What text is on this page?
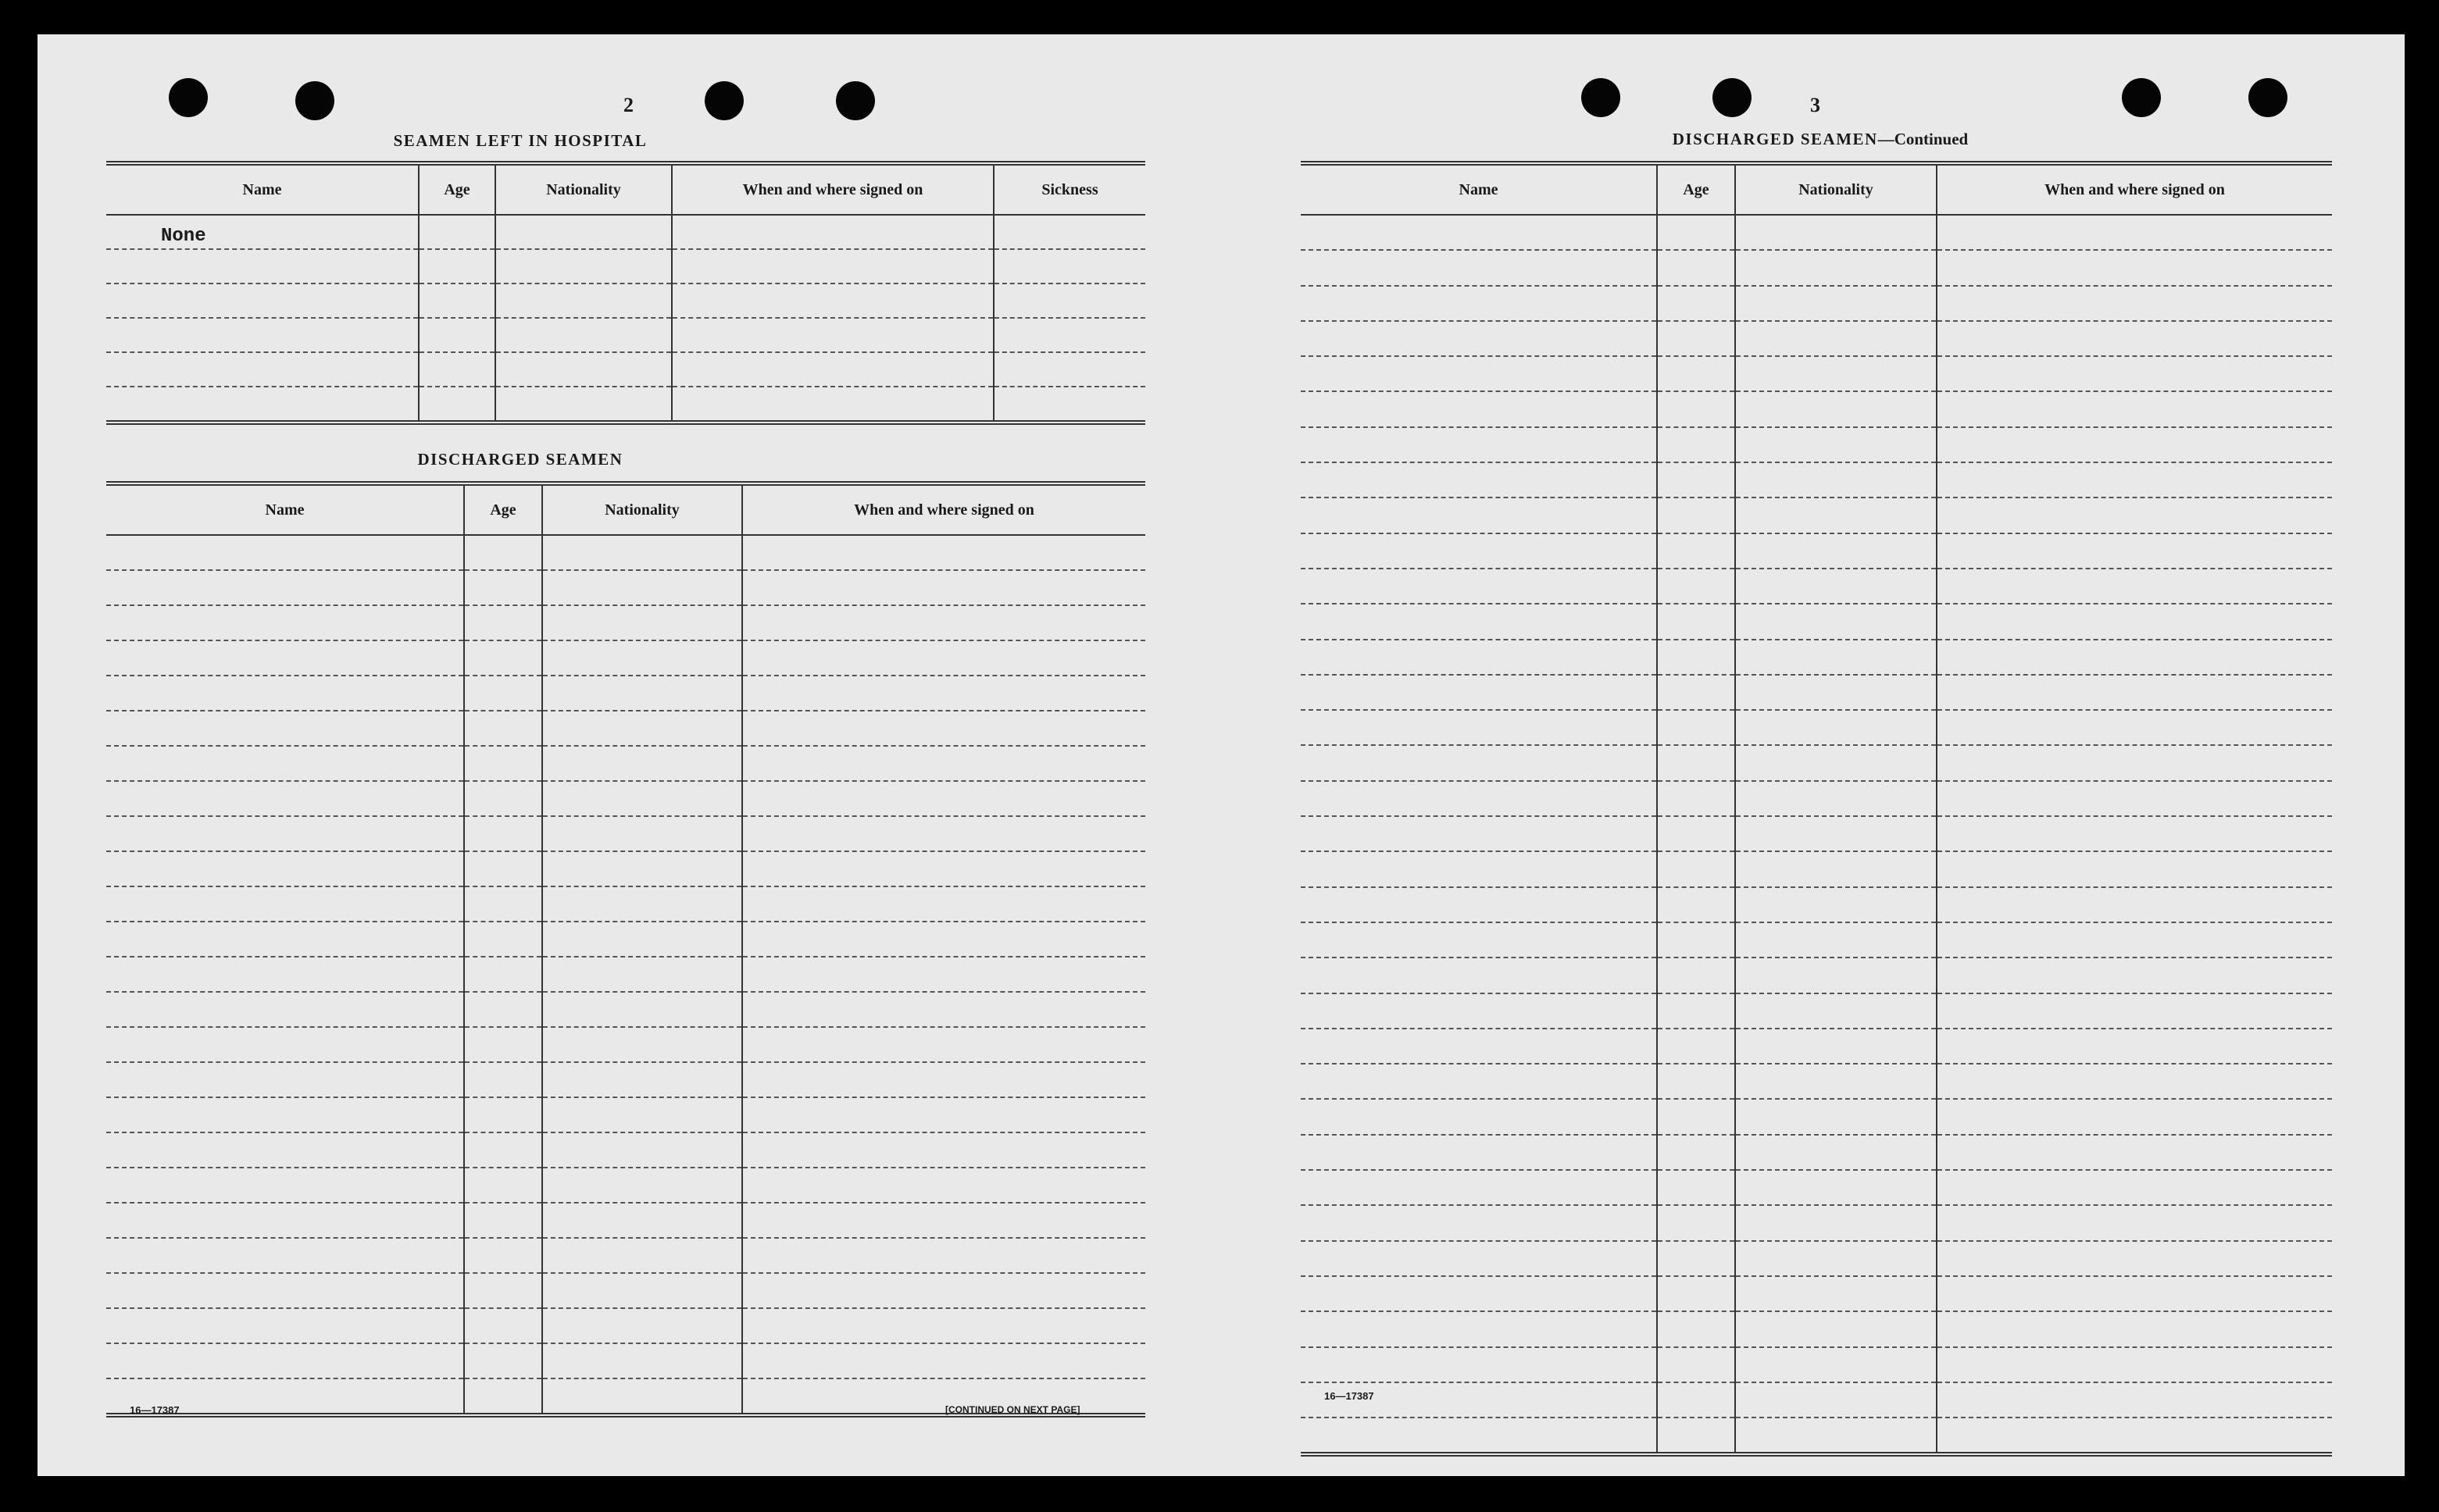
2
SEAMEN LEFT IN HOSPITAL
Name	Age	Nationality	When and where signed on	Sickness
None				

DISCHARGED SEAMEN
Name	Age	Nationality	When and where signed on

16—17387	[CONTINUED ON NEXT PAGE]
3
DISCHARGED SEAMEN—Continued
Name	Age	Nationality	When and where signed on

16—17387
